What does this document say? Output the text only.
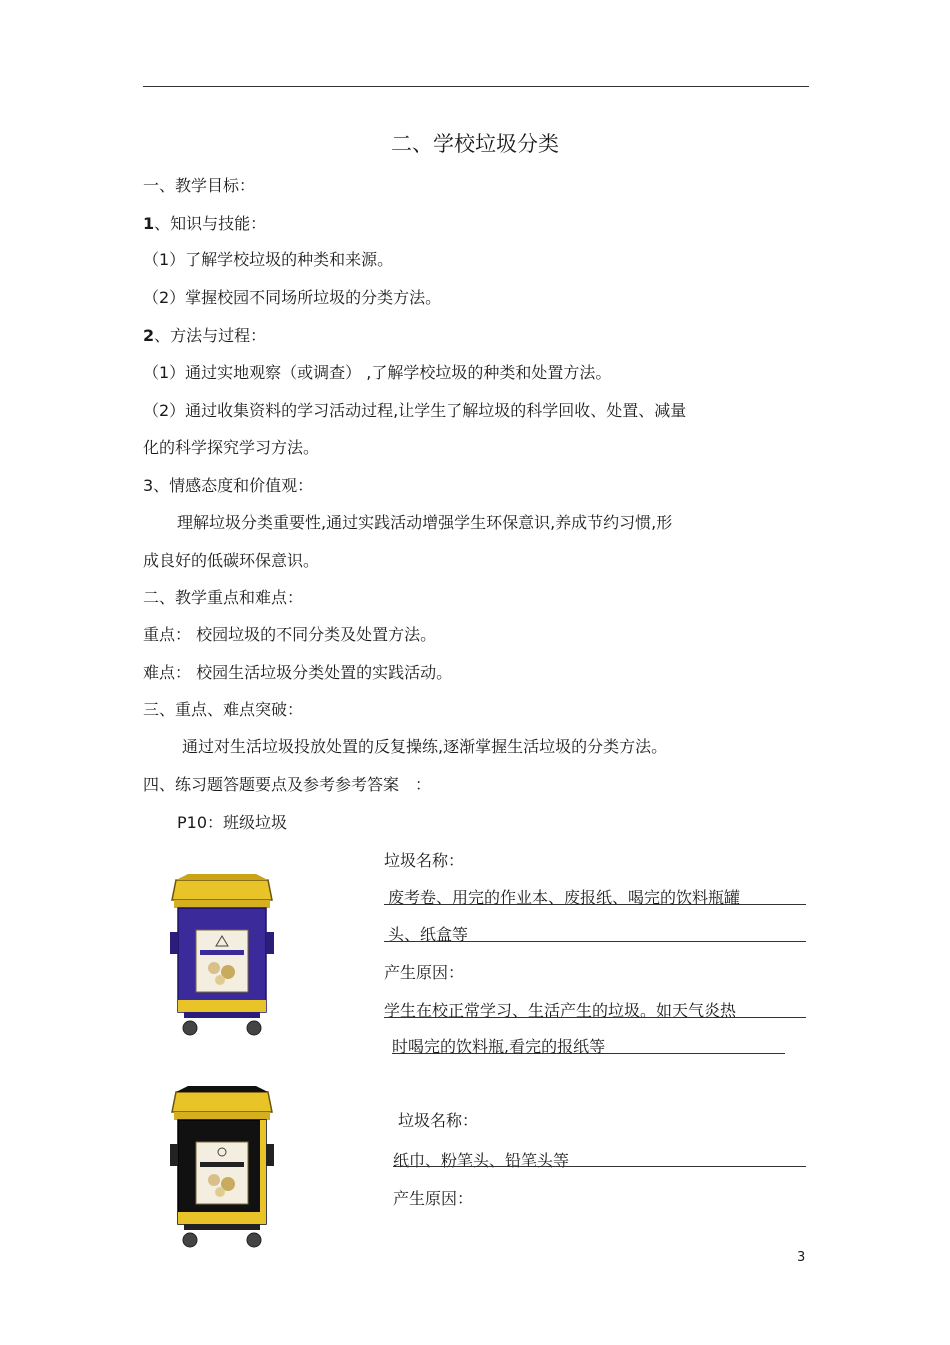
二、学校垃圾分类
一、教学目标：
1、知识与技能：
（1）了解学校垃圾的种类和来源。
（2）掌握校园不同场所垃圾的分类方法。
2、方法与过程：
（1）通过实地观察（或调查） ,了解学校垃圾的种类和处置方法。
（2）通过收集资料的学习活动过程,让学生了解垃圾的科学回收、处置、减量
化的科学探究学习方法。
3、情感态度和价值观：
理解垃圾分类重要性,通过实践活动增强学生环保意识,养成节约习惯,形
成良好的低碳环保意识。
二、教学重点和难点：
重点： 校园垃圾的不同分类及处置方法。
难点： 校园生活垃圾分类处置的实践活动。
三、重点、难点突破：
通过对生活垃圾投放处置的反复操练,逐渐掌握生活垃圾的分类方法。
四、练习题答题要点及参考参考答案　：
P10：班级垃圾
垃圾名称：
废考卷、用完的作业本、废报纸、喝完的饮料瓶罐
头、纸盒等
产生原因：
学生在校正常学习、生活产生的垃圾。如天气炎热
时喝完的饮料瓶,看完的报纸等
垃圾名称：
纸巾、粉笔头、铅笔头等
产生原因：
3
